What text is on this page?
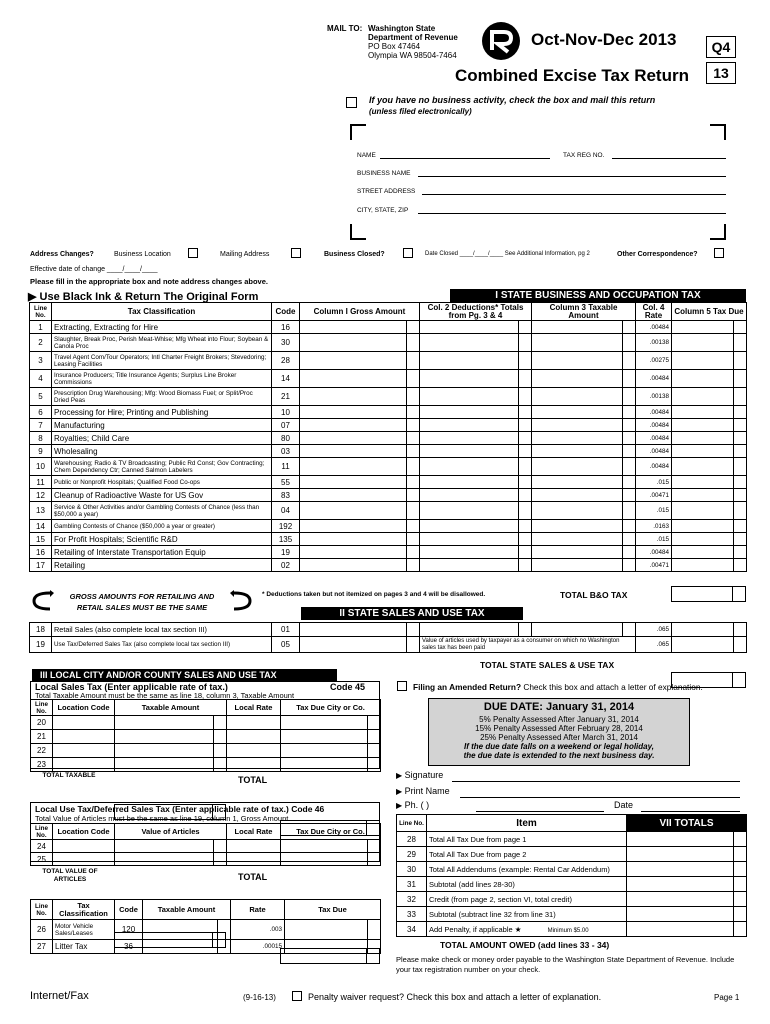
MAIL TO: Washington State
Department of Revenue
PO Box 47464
Olympia WA 98504-7464
Oct-Nov-Dec 2013	Q4
13
Combined Excise Tax Return
If you have no business activity, check the box and mail this return
(unless filed electronically)
NAME	TAX REG NO.
BUSINESS NAME
STREET ADDRESS
CITY, STATE, ZIP
Address Changes?	Business Location	Mailing Address	Business Closed?	Date Closed ____/____/____ See Additional Information, pg 2	Other Correspondence?
Effective date of change ____/____/____
Please fill in the appropriate box and note address changes above.
▶ Use Black Ink & Return The Original Form	I STATE BUSINESS AND OCCUPATION TAX
Line No.	Tax Classification	Code	Column I Gross Amount	Col. 2 Deductions* Totals from Pg. 3 & 4	Column 3 Taxable Amount	Col. 4 Rate	Column 5 Tax Due
1	Extracting, Extracting for Hire	16				.00484	
2	Slaughter, Break Proc, Perish Meat-Whlse; Mfg Wheat into Flour; Soybean & Canola Proc	30				.00138	
3	Travel Agent Com/Tour Operators; Intl Charter Freight Brokers; Stevedoring; Leasing Facilities	28				.00275	
4	Insurance Producers; Title Insurance Agents; Surplus Line Broker Commissions	14				.00484	
5	Prescription Drug Warehousing; Mfg: Wood Biomass Fuel; or Split/Proc Dried Peas	21				.00138	
6	Processing for Hire; Printing and Publishing	10				.00484	
7	Manufacturing	07				.00484	
8	Royalties; Child Care	80				.00484	
9	Wholesaling	03				.00484	
10	Warehousing; Radio & TV Broadcasting; Public Rd Const; Gov Contracting; Chem Dependency Ctr; Canned Salmon Labelers	11				.00484	
11	Public or Nonprofit Hospitals; Qualified Food Co-ops	55				.015	
12	Cleanup of Radioactive Waste for US Gov	83				.00471	
13	Service & Other Activities and/or Gambling Contests of Chance (less than $50,000 a year)	04				.015	
14	Gambling Contests of Chance ($50,000 a year or greater)	192				.0163	
15	For Profit Hospitals; Scientific R&D	135				.015	
16	Retailing of Interstate Transportation Equip	19				.00484	
17	Retailing	02				.00471	
GROSS AMOUNTS FOR RETAILING AND
RETAIL SALES MUST BE THE SAME
* Deductions taken but not itemized on pages 3 and 4 will be disallowed.	TOTAL B&O TAX
II STATE SALES AND USE TAX
18	Retail Sales (also complete local tax section III)	01				.065	
19	Use Tax/Deferred Sales Tax (also complete local tax section III)	05		Value of articles used by taxpayer as a consumer on which no Washington sales tax has been paid		.065	
TOTAL STATE SALES & USE TAX
III LOCAL CITY AND/OR COUNTY SALES AND USE TAX
Local Sales Tax (Enter applicable rate of tax.)	Code 45
Total Taxable Amount must be the same as line 18, column 3, Taxable Amount
Line No.	Location Code	Taxable Amount	Local Rate	Tax Due City or Co.
20				
21				
22				
23				
TOTAL TAXABLE	TOTAL
Local Use Tax/Deferred Sales Tax (Enter applicable rate of tax.) Code 46
Total Value of Articles must be the same as line 19, column 1, Gross Amount
Line No.	Location Code	Value of Articles	Local Rate	Tax Due City or Co.
24				
25				
TOTAL VALUE OF ARTICLES	TOTAL
Line No.	Tax Classification	Code	Taxable Amount	Rate	Tax Due
26	Motor Vehicle Sales/Leases	120		.003	
27	Litter Tax	36		.00015	
Filing an Amended Return? Check this box and attach a letter of explanation.
DUE DATE: January 31, 2014
5% Penalty Assessed After January 31, 2014
15% Penalty Assessed After February 28, 2014
25% Penalty Assessed After March 31, 2014
If the due date falls on a weekend or legal holiday,
the due date is extended to the next business day.
▶ Signature
▶ Print Name
▶ Ph. ( )	Date
Line No.	Item	VII TOTALS
28	Total All Tax Due from page 1	
29	Total All Tax Due from page 2	
30	Total All Addendums (example: Rental Car Addendum)	
31	Subtotal (add lines 28-30)	
32	Credit (from page 2, section VI, total credit)	
33	Subtotal (subtract line 32 from line 31)	
34	Add Penalty, if applicable ★ Minimum $5.00	
TOTAL AMOUNT OWED (add lines 33 - 34)
Please make check or money order payable to the Washington State Department of Revenue. Include your tax registration number on your check.
Internet/Fax	(9-16-13)	Penalty waiver request? Check this box and attach a letter of explanation.	Page 1
